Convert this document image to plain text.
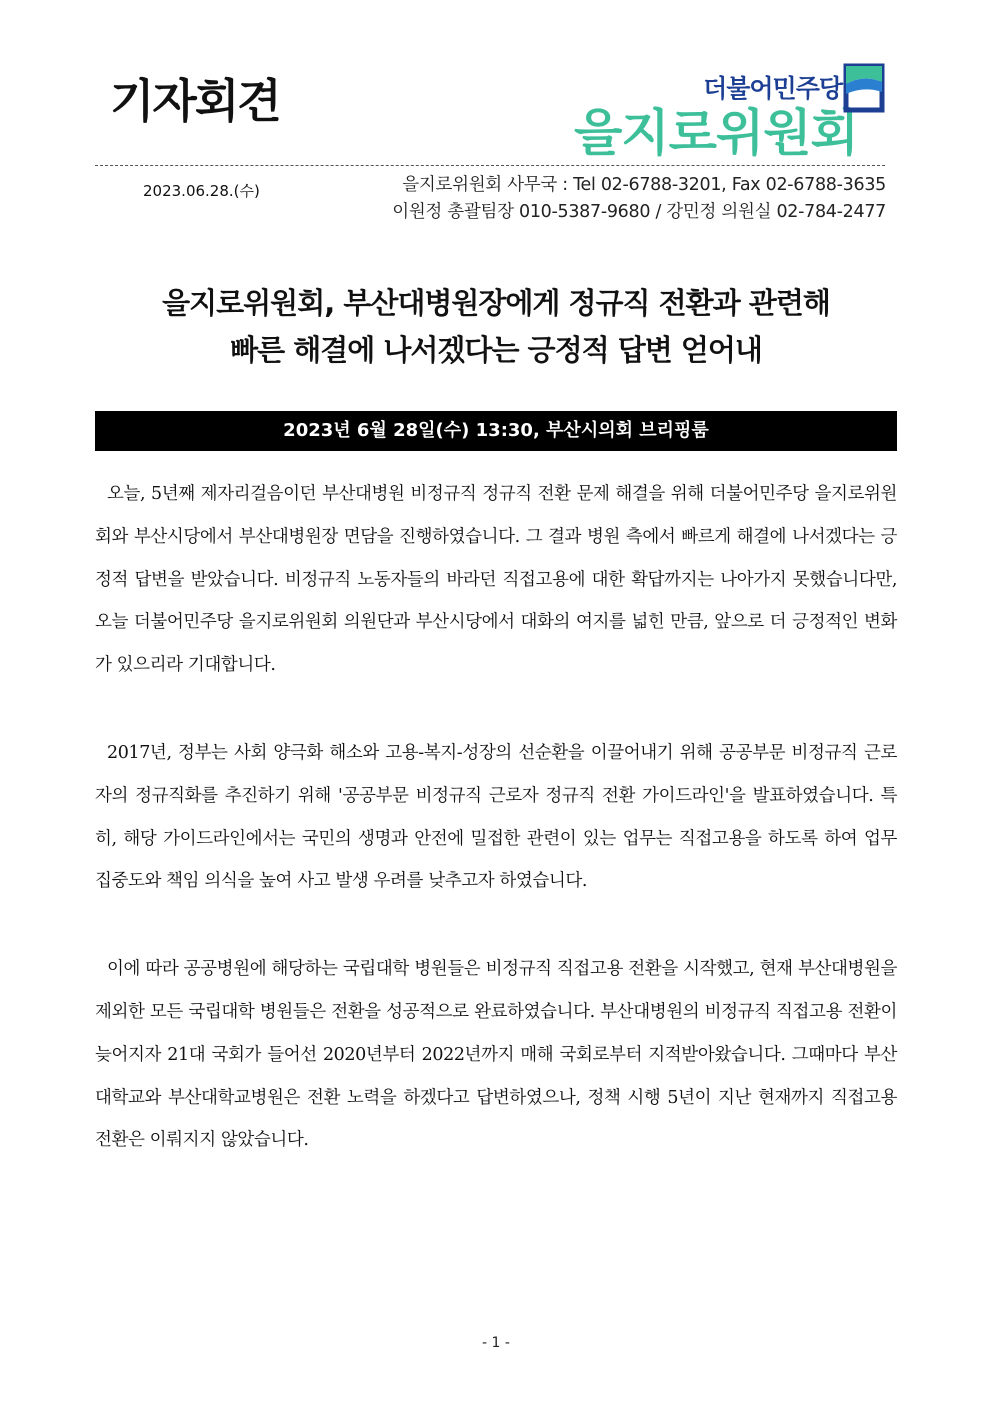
기자회견	더불어민주당
을지로위원회
2023.06.28.(수)	을지로위원회 사무국 : Tel 02-6788-3201, Fax 02-6788-3635
이원정 총괄팀장 010-5387-9680 / 강민정 의원실 02-784-2477
을지로위원회, 부산대병원장에게 정규직 전환과 관련해
빠른 해결에 나서겠다는 긍정적 답변 얻어내
2023년 6월 28일(수) 13:30, 부산시의회 브리핑룸

오늘, 5년째 제자리걸음이던 부산대병원 비정규직 정규직 전환 문제 해결을 위해 더불어민주당 을지로위원회와 부산시당에서 부산대병원장 면담을 진행하였습니다. 그 결과 병원 측에서 빠르게 해결에 나서겠다는 긍정적 답변을 받았습니다. 비정규직 노동자들의 바라던 직접고용에 대한 확답까지는 나아가지 못했습니다만, 오늘 더불어민주당 을지로위원회 의원단과 부산시당에서 대화의 여지를 넓힌 만큼, 앞으로 더 긍정적인 변화가 있으리라 기대합니다.

2017년, 정부는 사회 양극화 해소와 고용-복지-성장의 선순환을 이끌어내기 위해 공공부문 비정규직 근로자의 정규직화를 추진하기 위해 '공공부문 비정규직 근로자 정규직 전환 가이드라인'을 발표하였습니다. 특히, 해당 가이드라인에서는 국민의 생명과 안전에 밀접한 관련이 있는 업무는 직접고용을 하도록 하여 업무 집중도와 책임 의식을 높여 사고 발생 우려를 낮추고자 하였습니다.

이에 따라 공공병원에 해당하는 국립대학 병원들은 비정규직 직접고용 전환을 시작했고, 현재 부산대병원을 제외한 모든 국립대학 병원들은 전환을 성공적으로 완료하였습니다. 부산대병원의 비정규직 직접고용 전환이 늦어지자 21대 국회가 들어선 2020년부터 2022년까지 매해 국회로부터 지적받아왔습니다. 그때마다 부산대학교와 부산대학교병원은 전환 노력을 하겠다고 답변하였으나, 정책 시행 5년이 지난 현재까지 직접고용 전환은 이뤄지지 않았습니다.

- 1 -
